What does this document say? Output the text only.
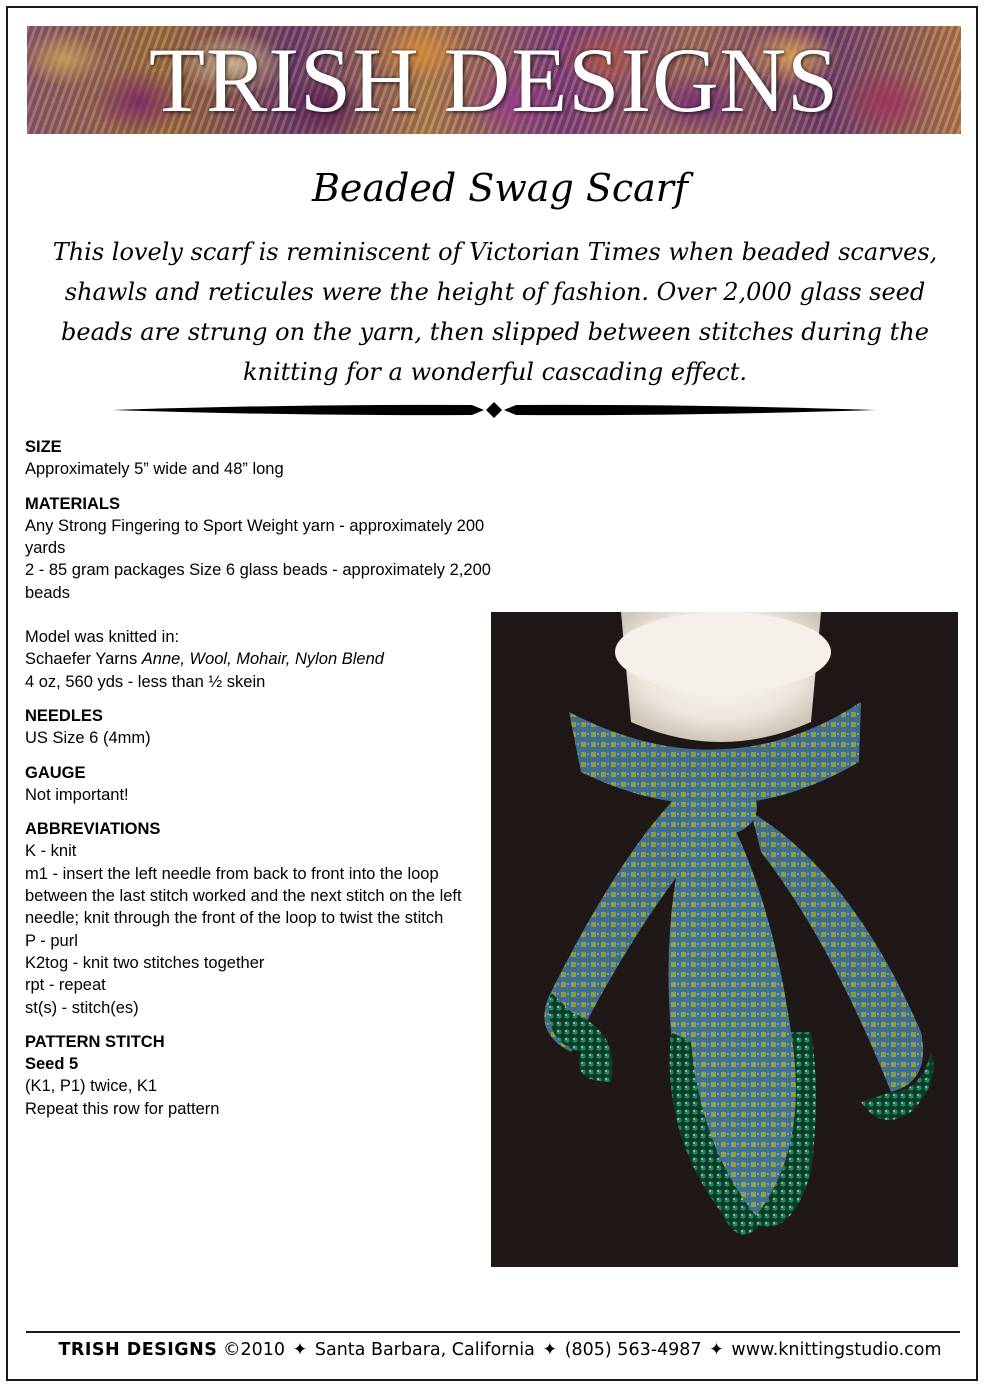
TRISH DESIGNS
Beaded Swag Scarf
This lovely scarf is reminiscent of Victorian Times when beaded scarves, shawls and reticules were the height of fashion. Over 2,000 glass seed beads are strung on the yarn, then slipped between stitches during the knitting for a wonderful cascading effect.
SIZE
Approximately 5” wide and 48” long
MATERIALS
Any Strong Fingering to Sport Weight yarn - approximately 200 yards
2 - 85 gram packages Size 6 glass beads - approximately 2,200 beads
Model was knitted in:
Schaefer Yarns Anne, Wool, Mohair, Nylon Blend
4 oz, 560 yds - less than ½ skein
NEEDLES
US Size 6 (4mm)
GAUGE
Not important!
ABBREVIATIONS
K - knit
m1 - insert the left needle from back to front into the loop between the last stitch worked and the next stitch on the left needle; knit through the front of the loop to twist the stitch
P - purl
K2tog - knit two stitches together
rpt - repeat
st(s) - stitch(es)
PATTERN STITCH
Seed 5
(K1, P1) twice, K1
Repeat this row for pattern
TRISH DESIGNS ©2010 ✦ Santa Barbara, California ✦ (805) 563-4987 ✦ www.knittingstudio.com
